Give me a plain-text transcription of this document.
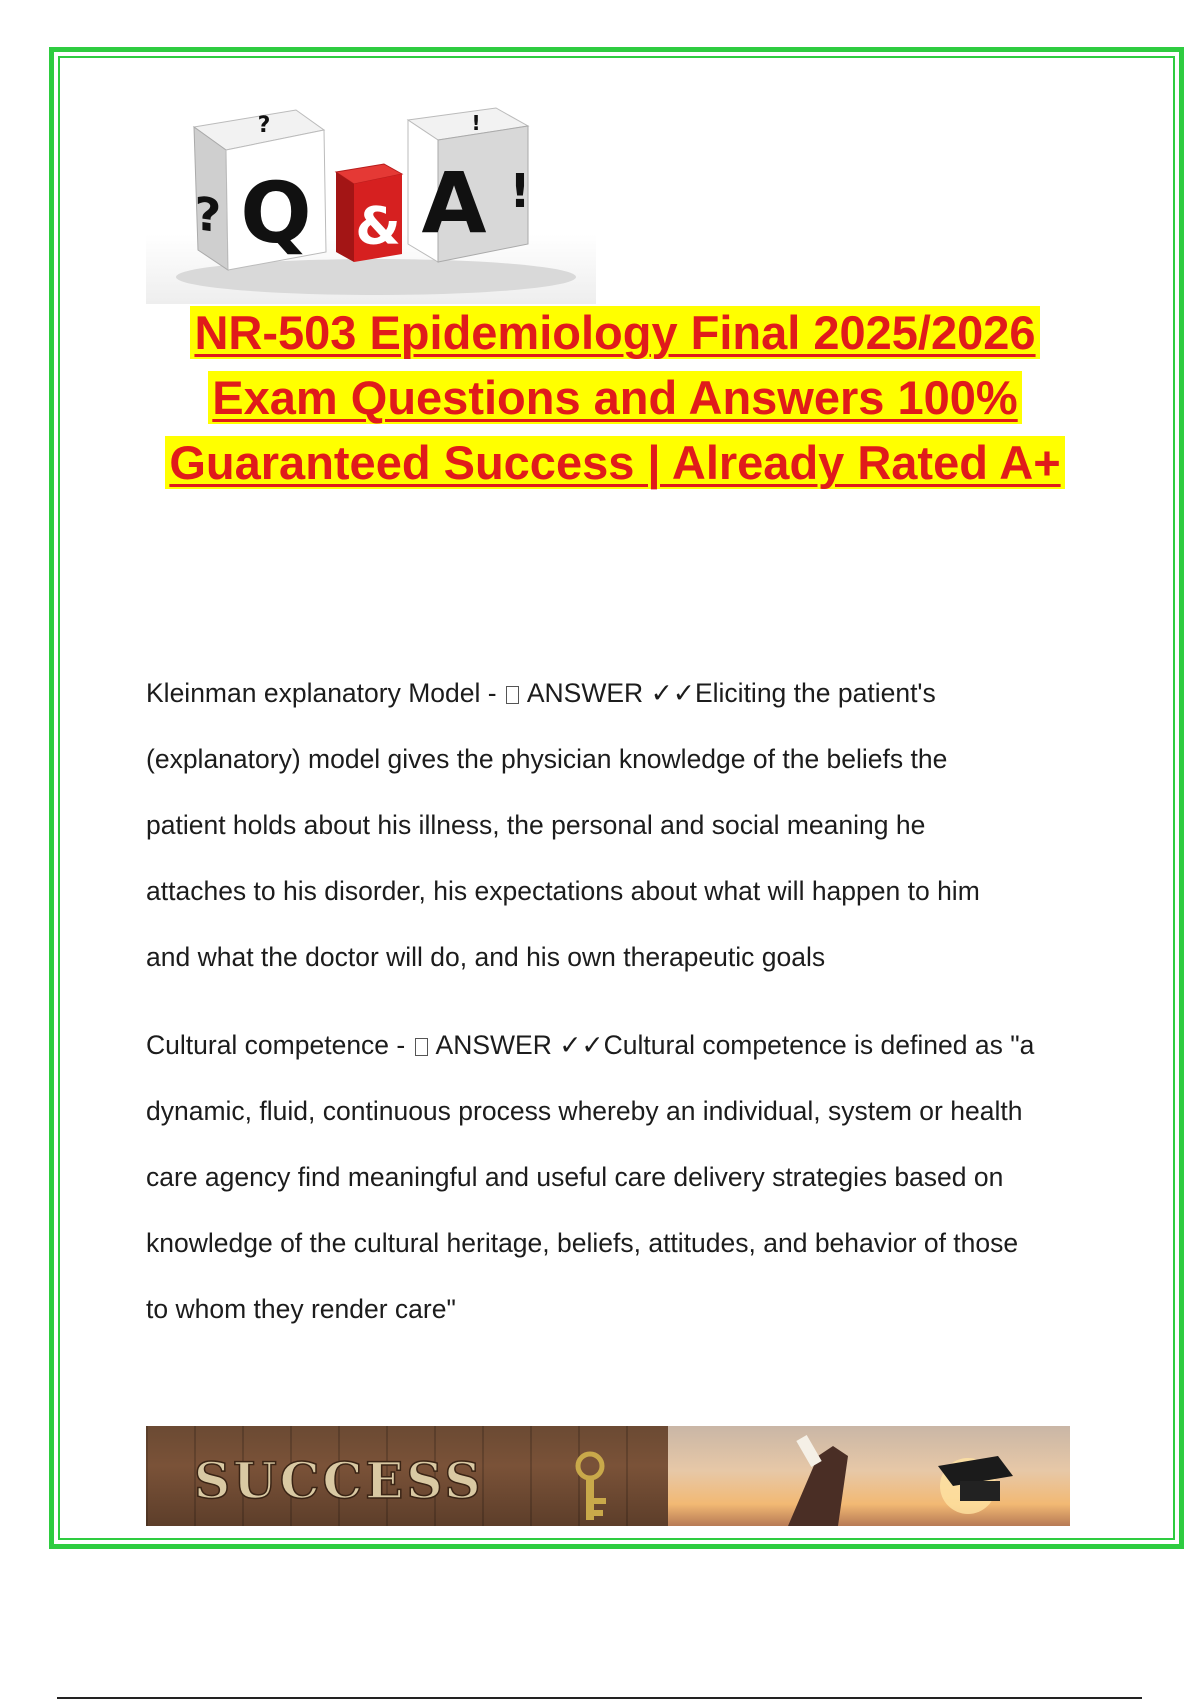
Q
?
?
& A !
!
NR-503 Epidemiology Final 2025/2026
Exam Questions and Answers 100%
Guaranteed Success | Already Rated A+
Kleinman explanatory Model -  ANSWER ✓✓Eliciting the patient's
(explanatory) model gives the physician knowledge of the beliefs the
patient holds about his illness, the personal and social meaning he
attaches to his disorder, his expectations about what will happen to him
and what the doctor will do, and his own therapeutic goals
Cultural competence -  ANSWER ✓✓Cultural competence is defined as "a
dynamic, fluid, continuous process whereby an individual, system or health
care agency find meaningful and useful care delivery strategies based on
knowledge of the cultural heritage, beliefs, attitudes, and behavior of those
to whom they render care"
SUCCESS
